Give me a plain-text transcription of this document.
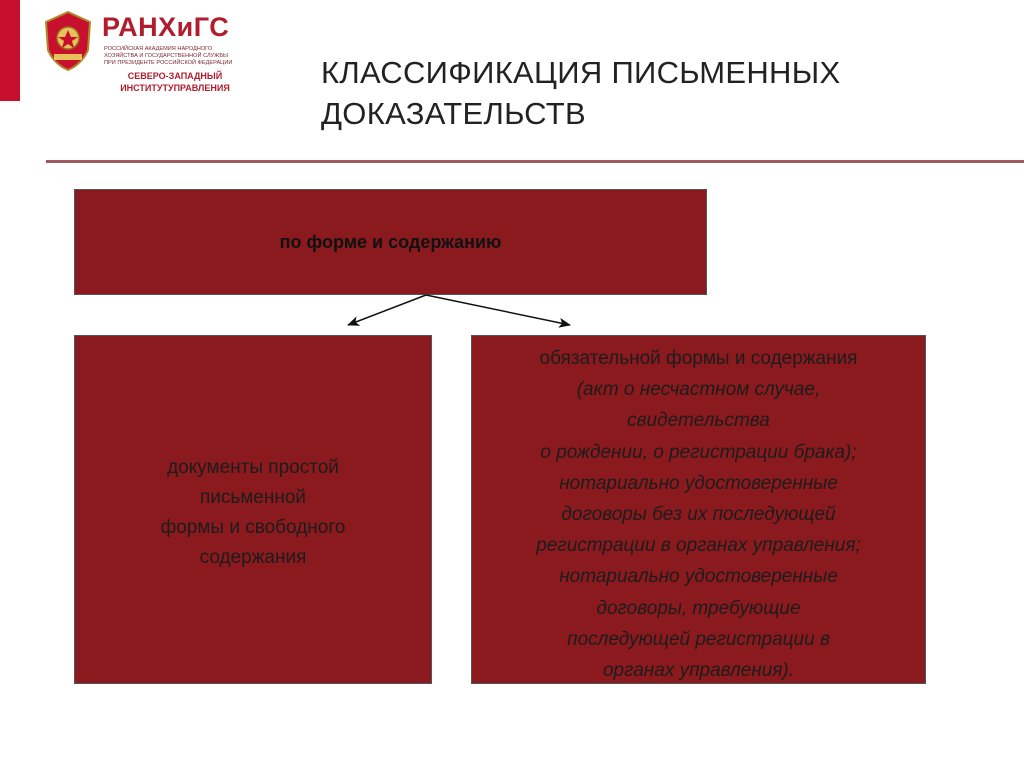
РАНХиГС
РОССИЙСКАЯ АКАДЕМИЯ НАРОДНОГО ХОЗЯЙСТВА И ГОСУДАРСТВЕННОЙ СЛУЖБЫ ПРИ ПРЕЗИДЕНТЕ РОССИЙСКОЙ ФЕДЕРАЦИИ
СЕВЕРО-ЗАПАДНЫЙ ИНСТИТУТУПРАВЛЕНИЯ	КЛАССИФИКАЦИЯ ПИСЬМЕННЫХ
ДОКАЗАТЕЛЬСТВ
по форме и содержанию
документы простой
письменной
формы и свободного
содержания
обязательной формы и содержания
(акт о несчастном случае,
свидетельства
о рождении, о регистрации брака);
нотариально удостоверенные
договоры без их последующей
регистрации в органах управления;
нотариально удостоверенные
договоры, требующие
последующей регистрации в
органах управления).
